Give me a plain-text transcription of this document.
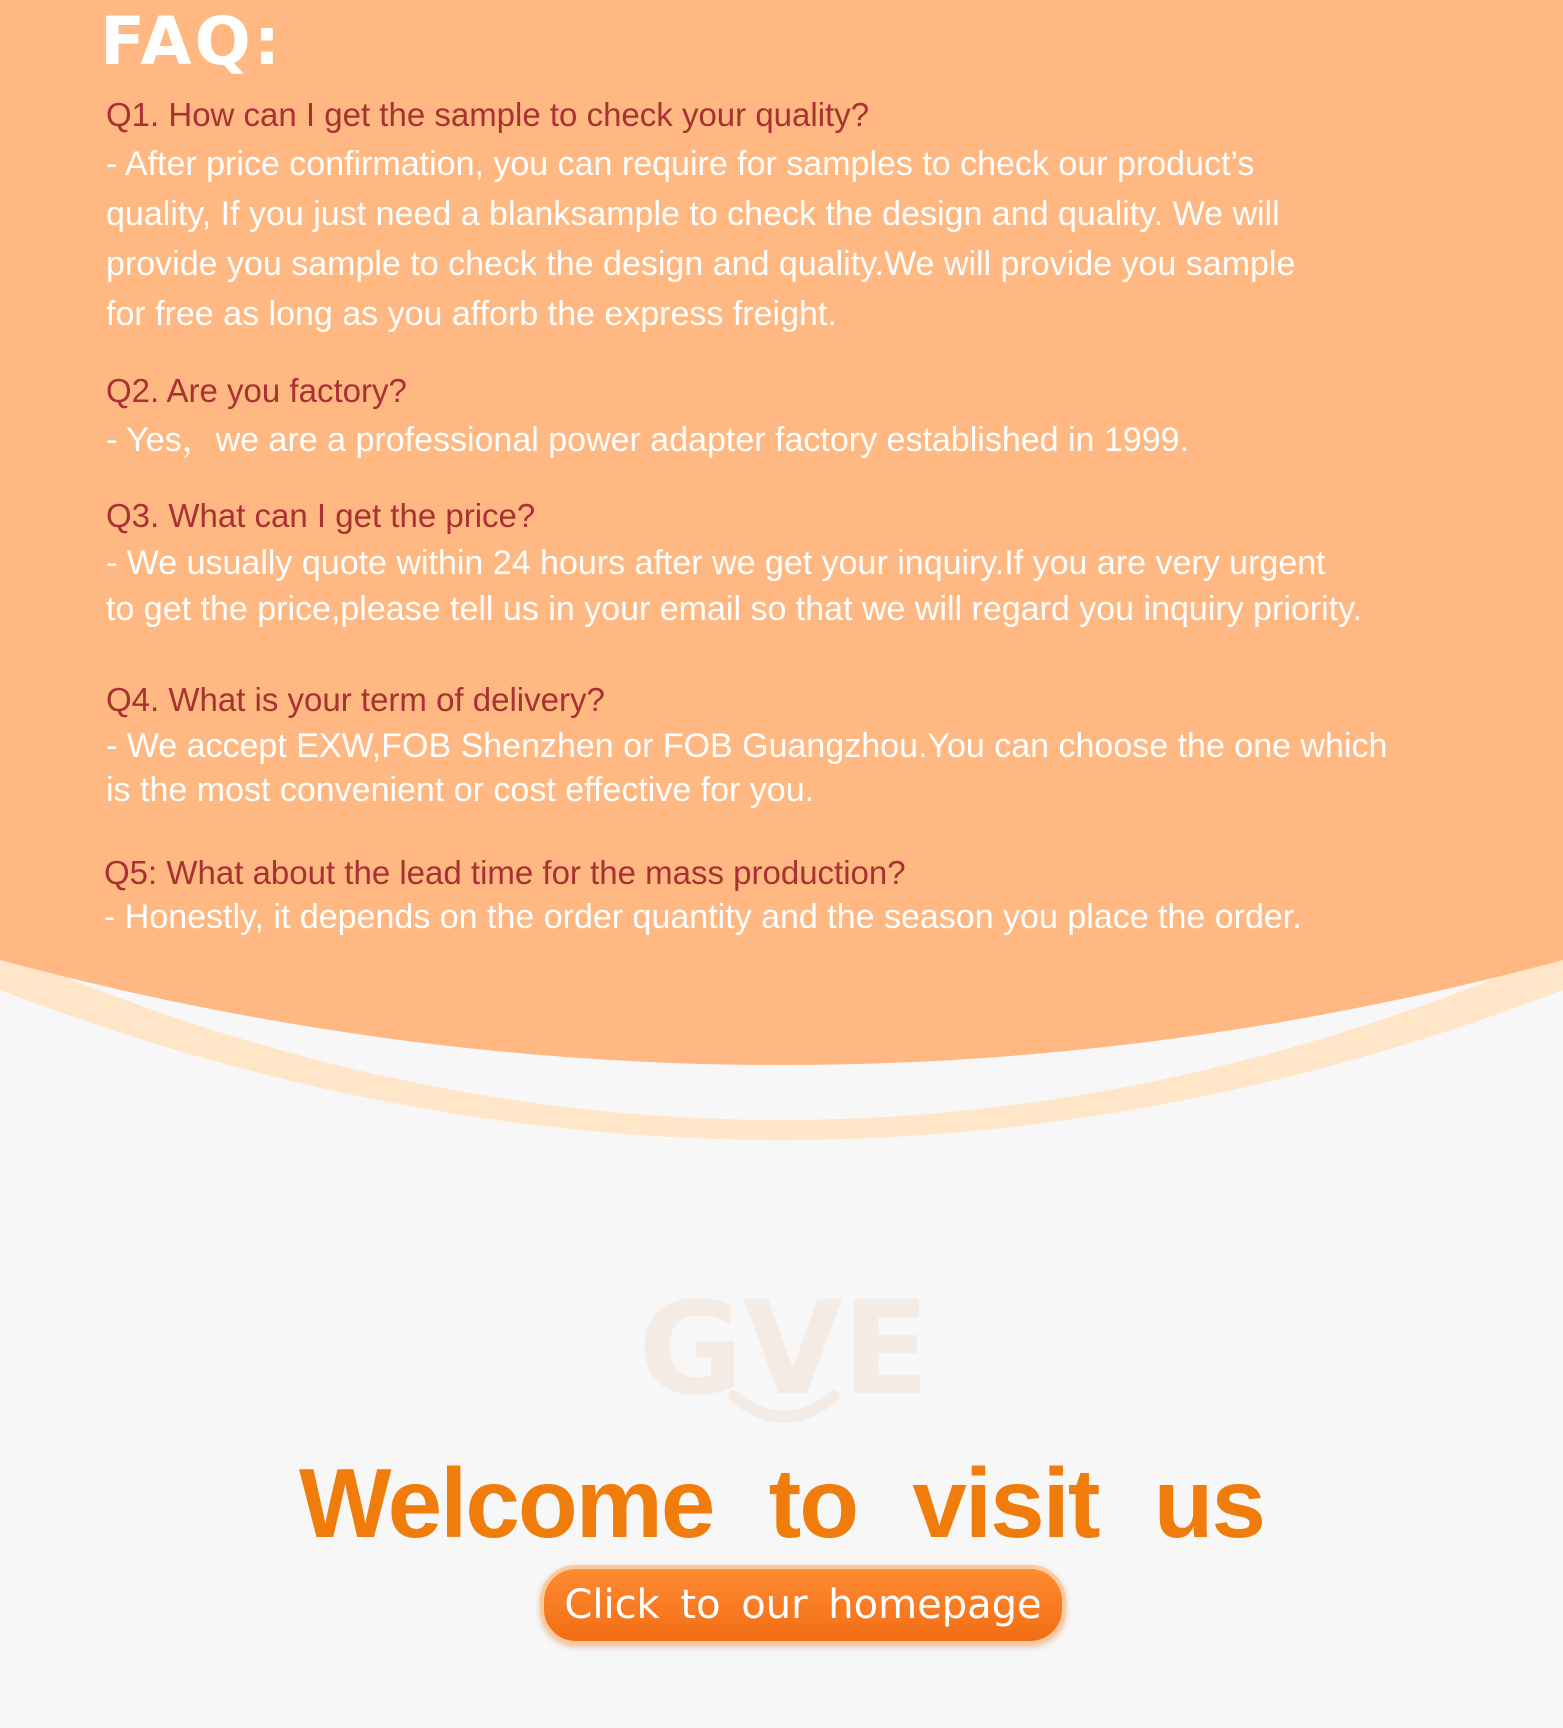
FAQ:
Q1. How can I get the sample to check your quality?
- After price confirmation, you can require for samples to check our product’s
quality, If you just need a blanksample to check the design and quality. We will
provide you sample to check the design and quality.We will provide you sample
for free as long as you afforb the express freight.
Q2. Are you factory?
- Yes，we are a professional power adapter factory established in 1999.
Q3. What can I get the price?
- We usually quote within 24 hours after we get your inquiry.If you are very urgent
to get the price,please tell us in your email so that we will regard you inquiry priority.
Q4. What is your term of delivery?
- We accept EXW,FOB Shenzhen or FOB Guangzhou.You can choose the one which
is the most convenient or cost effective for you.
Q5: What about the lead time for the mass production?
- Honestly, it depends on the order quantity and the season you place the order.
GVE
Welcome to visit us
Click to our homepage
